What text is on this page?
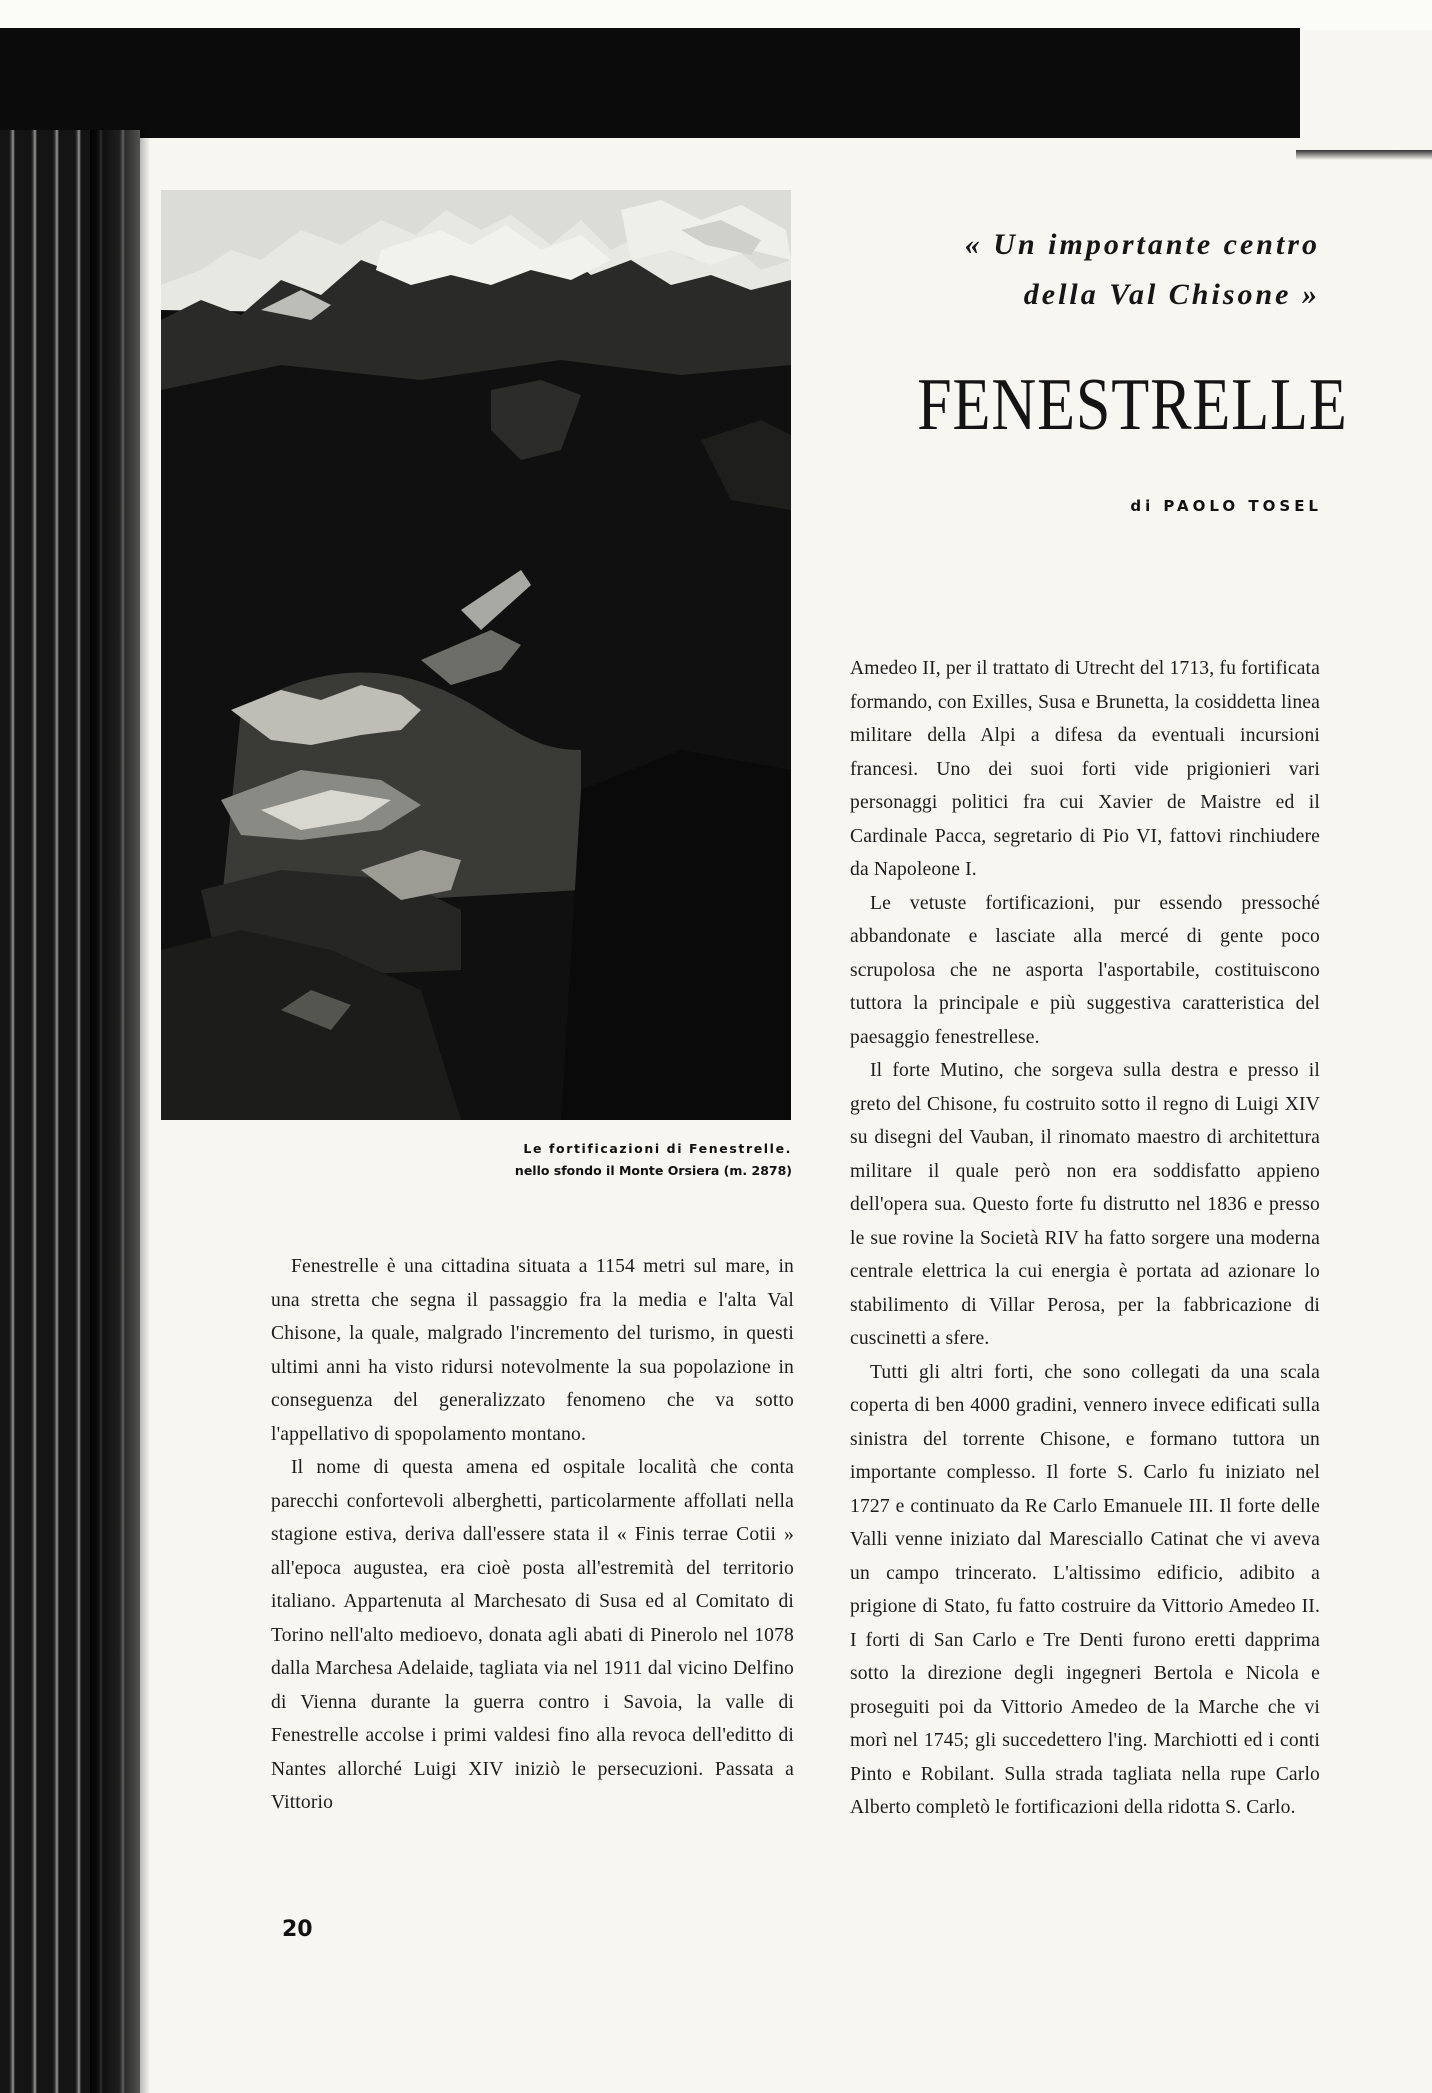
Le fortificazioni di Fenestrelle.
nello sfondo il Monte Orsiera (m. 2878)
« Un importante centro
della Val Chisone »
FENESTRELLE
di PAOLO TOSEL

Fenestrelle è una cittadina situata a 1154 metri sul mare, in una stretta che segna il passaggio fra la media e l'alta Val Chisone, la quale, malgrado l'incremento del turismo, in questi ultimi anni ha visto ridursi notevolmente la sua popolazione in conseguenza del generalizzato fenomeno che va sotto l'appellativo di spopolamento montano.

Il nome di questa amena ed ospitale località che conta parecchi confortevoli alberghetti, particolarmente affollati nella stagione estiva, deriva dall'essere stata il « Finis terrae Cotii » all'epoca augustea, era cioè posta all'estremità del territorio italiano. Appartenuta al Marchesato di Susa ed al Comitato di Torino nell'alto medioevo, donata agli abati di Pinerolo nel 1078 dalla Marchesa Adelaide, tagliata via nel 1911 dal vicino Delfino di Vienna durante la guerra contro i Savoia, la valle di Fenestrelle accolse i primi valdesi fino alla revoca dell'editto di Nantes allorché Luigi XIV iniziò le persecuzioni. Passata a Vittorio

Amedeo II, per il trattato di Utrecht del 1713, fu fortificata formando, con Exilles, Susa e Brunetta, la cosiddetta linea militare della Alpi a difesa da eventuali incursioni francesi. Uno dei suoi forti vide prigionieri vari personaggi politici fra cui Xavier de Maistre ed il Cardinale Pacca, segretario di Pio VI, fattovi rinchiudere da Napoleone I.

Le vetuste fortificazioni, pur essendo pressoché abbandonate e lasciate alla mercé di gente poco scrupolosa che ne asporta l'asportabile, costituiscono tuttora la principale e più suggestiva caratteristica del paesaggio fenestrellese.

Il forte Mutino, che sorgeva sulla destra e presso il greto del Chisone, fu costruito sotto il regno di Luigi XIV su disegni del Vauban, il rinomato maestro di architettura militare il quale però non era soddisfatto appieno dell'opera sua. Questo forte fu distrutto nel 1836 e presso le sue rovine la Società RIV ha fatto sorgere una moderna centrale elettrica la cui energia è portata ad azionare lo stabilimento di Villar Perosa, per la fabbricazione di cuscinetti a sfere.

Tutti gli altri forti, che sono collegati da una scala coperta di ben 4000 gradini, vennero invece edificati sulla sinistra del torrente Chisone, e formano tuttora un importante complesso. Il forte S. Carlo fu iniziato nel 1727 e continuato da Re Carlo Emanuele III. Il forte delle Valli venne iniziato dal Maresciallo Catinat che vi aveva un campo trincerato. L'altissimo edificio, adibito a prigione di Stato, fu fatto costruire da Vittorio Amedeo II. I forti di San Carlo e Tre Denti furono eretti dapprima sotto la direzione degli ingegneri Bertola e Nicola e proseguiti poi da Vittorio Amedeo de la Marche che vi morì nel 1745; gli succedettero l'ing. Marchiotti ed i conti Pinto e Robilant. Sulla strada tagliata nella rupe Carlo Alberto completò le fortificazioni della ridotta S. Carlo.

20
